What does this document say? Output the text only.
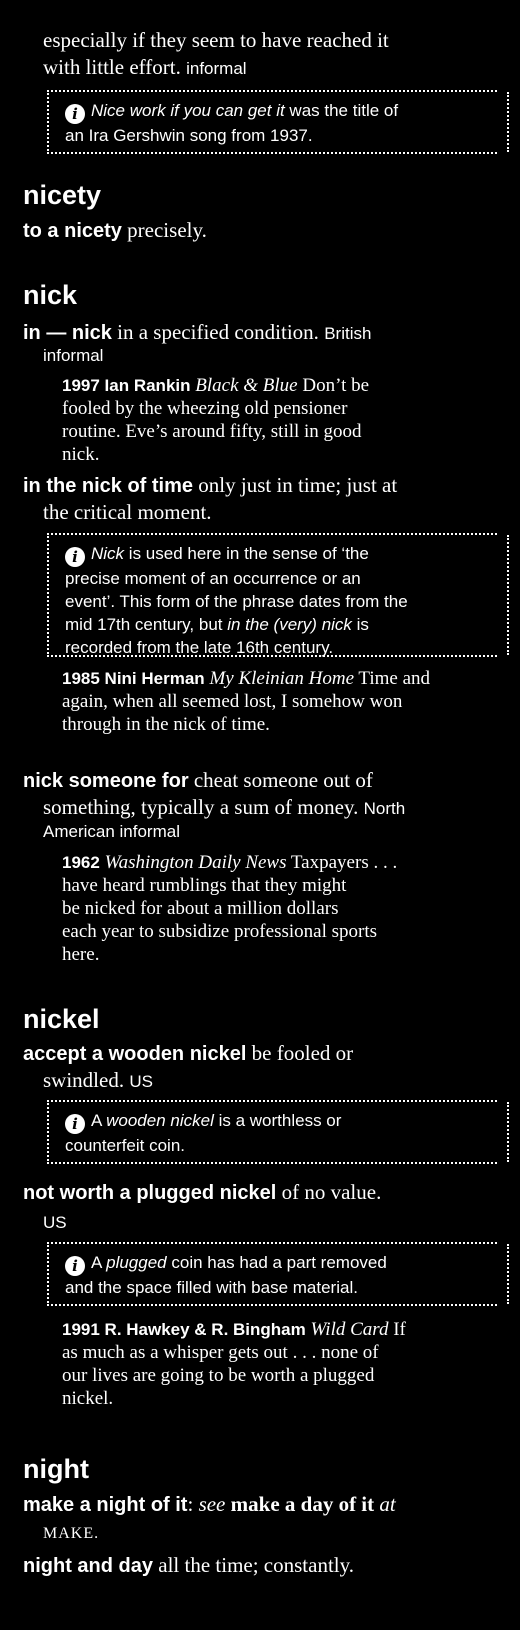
especially if they seem to have reached it
with little effort. informal
i Nice work if you can get it was the title of
an Ira Gershwin song from 1937.
nicety
to a nicety precisely.
nick
in — nick in a specified condition. British
informal
1997 Ian Rankin Black & Blue Don’t be
fooled by the wheezing old pensioner
routine. Eve’s around fifty, still in good
nick.
in the nick of time only just in time; just at
the critical moment.
i Nick is used here in the sense of ‘the
precise moment of an occurrence or an
event’. This form of the phrase dates from the
mid 17th century, but in the (very) nick is
recorded from the late 16th century.
1985 Nini Herman My Kleinian Home Time and
again, when all seemed lost, I somehow won
through in the nick of time.
nick someone for cheat someone out of
something, typically a sum of money. North
American informal
1962 Washington Daily News Taxpayers . . .
have heard rumblings that they might
be nicked for about a million dollars
each year to subsidize professional sports
here.
nickel
accept a wooden nickel be fooled or
swindled. US
i A wooden nickel is a worthless or
counterfeit coin.
not worth a plugged nickel of no value.
US
i A plugged coin has had a part removed
and the space filled with base material.
1991 R. Hawkey & R. Bingham Wild Card If
as much as a whisper gets out . . . none of
our lives are going to be worth a plugged
nickel.
night
make a night of it: see make a day of it at
MAKE.
night and day all the time; constantly.
